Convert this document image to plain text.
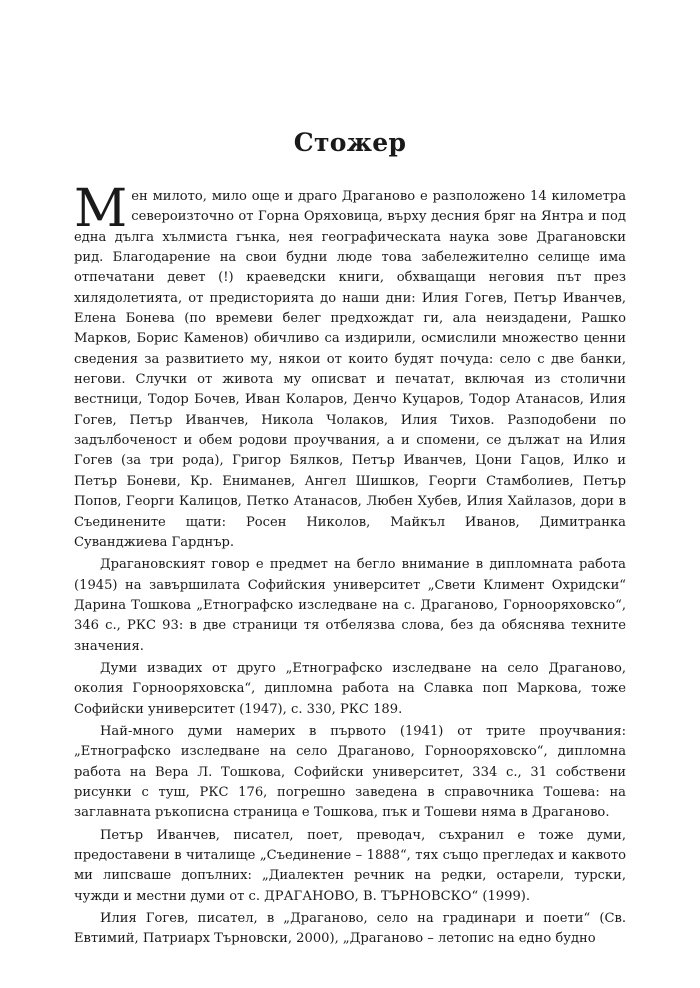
Стожер

Мен милото, мило още и драго Драганово е разположено 14 километра североизточно от Горна Оряховица, върху десния бряг на Янтра и под една дълга хълмиста гънка, нея географическата наука зове Драгановски рид. Благодарение на свои будни люде това забележително селище има отпечатани девет (!) краеведски книги, обхващащи неговия път през хилядолетията, от предисторията до наши дни: Илия Гогев, Петър Иванчев, Елена Бонева (по времеви белег предхождат ги, ала неиздадени, Рашко Марков, Борис Каменов) обичливо са издирили, осмислили множество ценни сведения за развитието му, някои от които будят почуда: село с две банки, негови. Случки от живота му описват и печатат, включая из столични вестници, Тодор Бочев, Иван Коларов, Денчо Куцаров, Тодор Атанасов, Илия Гогев, Петър Иванчев, Никола Чолаков, Илия Тихов. Разподобени по задълбоченост и обем родови проучвания, а и спомени, се дължат на Илия Гогев (за три рода), Григор Бялков, Петър Иванчев, Цони Гацов, Илко и Петър Боневи, Кр. Ениманев, Ангел Шишков, Георги Стамболиев, Петър Попов, Георги Калицов, Петко Атанасов, Любен Хубев, Илия Хайлазов, дори в Съединените щати: Росен Николов, Майкъл Иванов, Димитранка Суванджиева Гарднър.

Драгановският говор е предмет на бегло внимание в дипломната работа (1945) на завършилата Софийския университет „Свети Климент Охридски“ Дарина Тошкова „Етнографско изследване на с. Драганово, Горнооряховско“, 346 с., РКС 93: в две страници тя отбелязва слова, без да обяснява техните значения.

Думи извадих от друго „Етнографско изследване на село Драганово, околия Горнооряховска“, дипломна работа на Славка поп Маркова, тоже Софийски университет (1947), с. 330, РКС 189.

Най-много думи намерих в първото (1941) от трите проучвания: „Етнографско изследване на село Драганово, Горнооряховско“, дипломна работа на Вера Л. Тошкова, Софийски университет, 334 с., 31 собствени рисунки с туш, РКС 176, погрешно заведена в справочника Тошева: на заглавната ръкописна страница е Тошкова, пък и Тошеви няма в Драганово.

Петър Иванчев, писател, поет, преводач, съхранил е тоже думи, предоставени в читалище „Съединение – 1888“, тях също прегледах и каквото ми липсваше допълних: „Диалектен речник на редки, остарели, турски, чужди и местни думи от с. ДРАГАНОВО, В. ТЪРНОВСКО“ (1999).

Илия Гогев, писател, в „Драганово, село на градинари и поети“ (Св. Евтимий, Патриарх Търновски, 2000), „Драганово – летопис на едно будно
